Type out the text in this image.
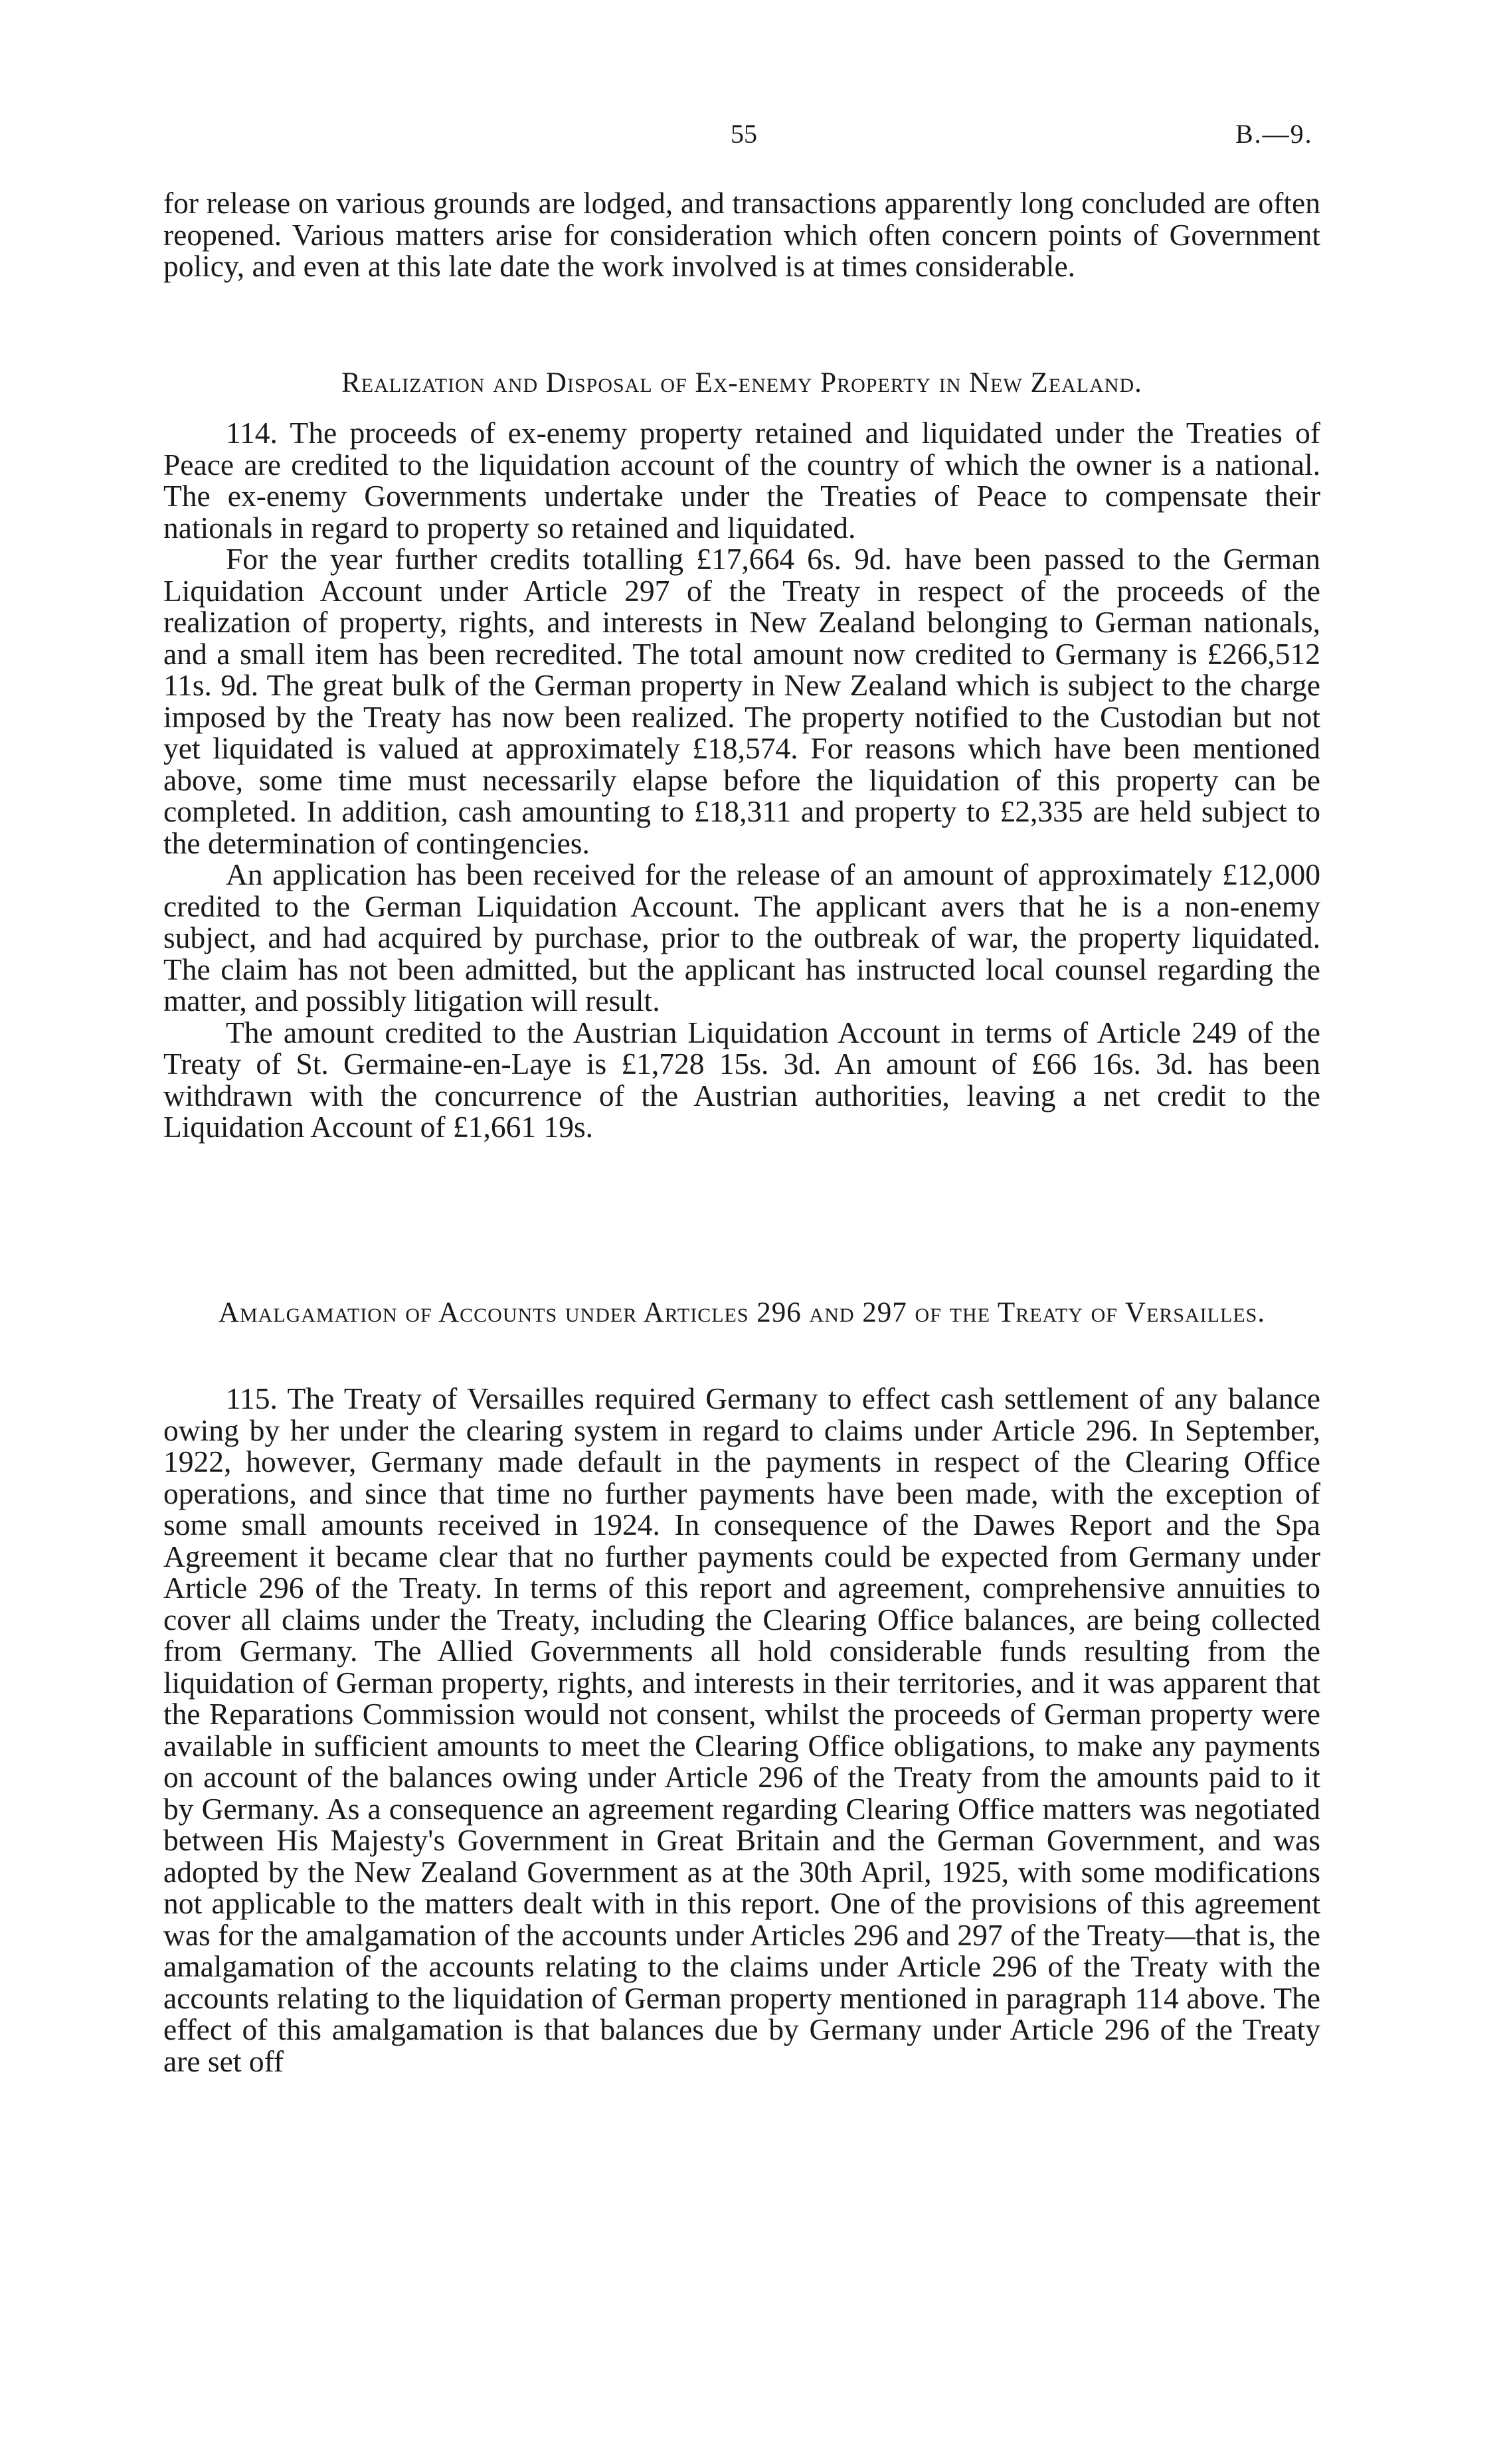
55	B.—9.

for release on various grounds are lodged, and transactions apparently long concluded are often reopened. Various matters arise for consideration which often concern points of Government policy, and even at this late date the work involved is at times considerable.

Realization and Disposal of Ex-enemy Property in New Zealand.

114. The proceeds of ex-enemy property retained and liquidated under the Treaties of Peace are credited to the liquidation account of the country of which the owner is a national. The ex-enemy Governments undertake under the Treaties of Peace to compensate their nationals in regard to property so retained and liquidated.

For the year further credits totalling £17,664 6s. 9d. have been passed to the German Liquidation Account under Article 297 of the Treaty in respect of the proceeds of the realization of property, rights, and interests in New Zealand belonging to German nationals, and a small item has been recredited. The total amount now credited to Germany is £266,512 11s. 9d. The great bulk of the German property in New Zealand which is subject to the charge imposed by the Treaty has now been realized. The property notified to the Custodian but not yet liquidated is valued at approximately £18,574. For reasons which have been mentioned above, some time must necessarily elapse before the liquidation of this property can be completed. In addition, cash amounting to £18,311 and property to £2,335 are held subject to the determination of contingencies.

An application has been received for the release of an amount of approximately £12,000 credited to the German Liquidation Account. The applicant avers that he is a non-enemy subject, and had acquired by purchase, prior to the outbreak of war, the property liquidated. The claim has not been admitted, but the applicant has instructed local counsel regarding the matter, and possibly litigation will result.

The amount credited to the Austrian Liquidation Account in terms of Article 249 of the Treaty of St. Germaine-en-Laye is £1,728 15s. 3d. An amount of £66 16s. 3d. has been withdrawn with the concurrence of the Austrian authorities, leaving a net credit to the Liquidation Account of £1,661 19s.

Amalgamation of Accounts under Articles 296 and 297 of the Treaty of Versailles.

115. The Treaty of Versailles required Germany to effect cash settlement of any balance owing by her under the clearing system in regard to claims under Article 296. In September, 1922, however, Germany made default in the payments in respect of the Clearing Office operations, and since that time no further payments have been made, with the exception of some small amounts received in 1924. In consequence of the Dawes Report and the Spa Agreement it became clear that no further payments could be expected from Germany under Article 296 of the Treaty. In terms of this report and agreement, comprehensive annuities to cover all claims under the Treaty, including the Clearing Office balances, are being collected from Germany. The Allied Governments all hold considerable funds resulting from the liquidation of German property, rights, and interests in their territories, and it was apparent that the Reparations Commission would not consent, whilst the proceeds of German property were available in sufficient amounts to meet the Clearing Office obligations, to make any payments on account of the balances owing under Article 296 of the Treaty from the amounts paid to it by Germany. As a consequence an agreement regarding Clearing Office matters was negotiated between His Majesty's Government in Great Britain and the German Government, and was adopted by the New Zealand Government as at the 30th April, 1925, with some modifications not applicable to the matters dealt with in this report. One of the provisions of this agreement was for the amalgamation of the accounts under Articles 296 and 297 of the Treaty—that is, the amalgamation of the accounts relating to the claims under Article 296 of the Treaty with the accounts relating to the liquidation of German property mentioned in paragraph 114 above. The effect of this amalgamation is that balances due by Germany under Article 296 of the Treaty are set off
